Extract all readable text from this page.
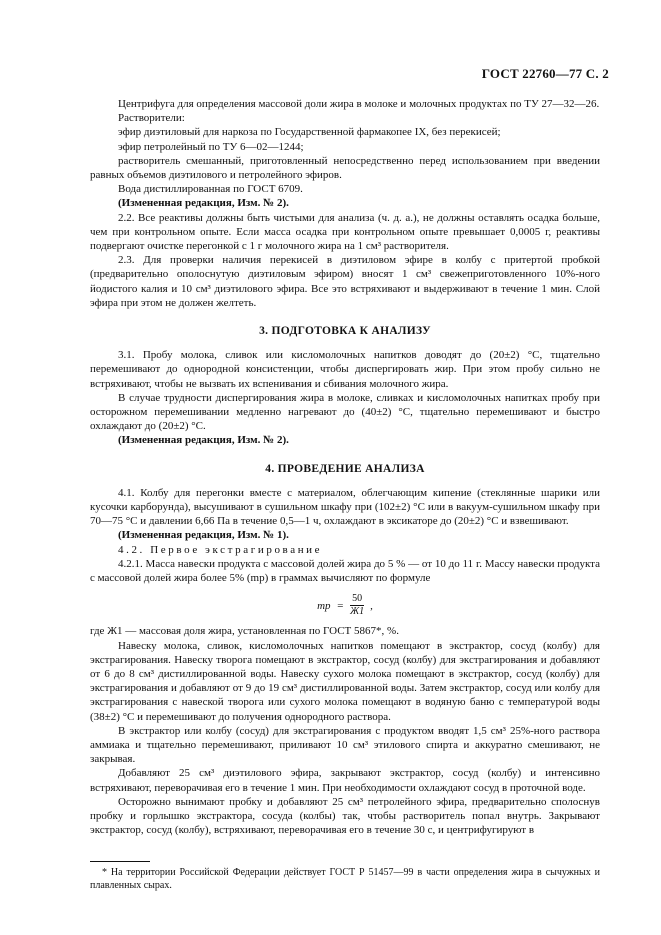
ГОСТ 22760—77 С. 2

Центрифуга для определения массовой доли жира в молоке и молочных продуктах по ТУ 27—32—26.

Растворители:

эфир диэтиловый для наркоза по Государственной фармакопее IX, без перекисей;

эфир петролейный по ТУ 6—02—1244;

растворитель смешанный, приготовленный непосредственно перед использованием при введении равных объемов диэтилового и петролейного эфиров.

Вода дистиллированная по ГОСТ 6709.

(Измененная редакция, Изм. № 2).

2.2. Все реактивы должны быть чистыми для анализа (ч. д. а.), не должны оставлять осадка больше, чем при контрольном опыте. Если масса осадка при контрольном опыте превышает 0,0005 г, реактивы подвергают очистке перегонкой с 1 г молочного жира на 1 см³ растворителя.

2.3. Для проверки наличия перекисей в диэтиловом эфире в колбу с притертой пробкой (предварительно ополоснутую диэтиловым эфиром) вносят 1 см³ свежеприготовленного 10%-ного йодистого калия и 10 см³ диэтилового эфира. Все это встряхивают и выдерживают в течение 1 мин. Слой эфира при этом не должен желтеть.

3. ПОДГОТОВКА К АНАЛИЗУ

3.1. Пробу молока, сливок или кисломолочных напитков доводят до (20±2) °С, тщательно перемешивают до однородной консистенции, чтобы диспергировать жир. При этом пробу сильно не встряхивают, чтобы не вызвать их вспенивания и сбивания молочного жира.

В случае трудности диспергирования жира в молоке, сливках и кисломолочных напитках пробу при осторожном перемешивании медленно нагревают до (40±2) °С, тщательно перемешивают и быстро охлаждают до (20±2) °С.

(Измененная редакция, Изм. № 2).

4. ПРОВЕДЕНИЕ АНАЛИЗА

4.1. Колбу для перегонки вместе с материалом, облегчающим кипение (стеклянные шарики или кусочки карборунда), высушивают в сушильном шкафу при (102±2) °С или в вакуум-сушильном шкафу при 70—75 °С и давлении 6,66 Па в течение 0,5—1 ч, охлаждают в эксикаторе до (20±2) °С и взвешивают.

(Измененная редакция, Изм. № 1).

4.2. Первое экстрагирование

4.2.1. Масса навески продукта с массовой долей жира до 5 % — от 10 до 11 г. Массу навески продукта с массовой долей жира более 5% (mр) в граммах вычисляют по формуле

mр = $\frac{50}{Ж1}$ ,

где Ж1 — массовая доля жира, установленная по ГОСТ 5867*, %.

Навеску молока, сливок, кисломолочных напитков помещают в экстрактор, сосуд (колбу) для экстрагирования. Навеску творога помещают в экстрактор, сосуд (колбу) для экстрагирования и добавляют от 6 до 8 см³ дистиллированной воды. Навеску сухого молока помещают в экстрактор, сосуд (колбу) для экстрагирования и добавляют от 9 до 19 см³ дистиллированной воды. Затем экстрактор, сосуд или колбу для экстрагирования с навеской творога или сухого молока помещают в водяную баню с температурой воды (38±2) °С и перемешивают до получения однородного раствора.

В экстрактор или колбу (сосуд) для экстрагирования с продуктом вводят 1,5 см³ 25%-ного раствора аммиака и тщательно перемешивают, приливают 10 см³ этилового спирта и аккуратно смешивают, не закрывая.

Добавляют 25 см³ диэтилового эфира, закрывают экстрактор, сосуд (колбу) и интенсивно встряхивают, переворачивая его в течение 1 мин. При необходимости охлаждают сосуд в проточной воде.

Осторожно вынимают пробку и добавляют 25 см³ петролейного эфира, предварительно сполоснув пробку и горлышко экстрактора, сосуда (колбы) так, чтобы растворитель попал внутрь. Закрывают экстрактор, сосуд (колбу), встряхивают, переворачивая его в течение 30 с, и центрифугируют в

* На территории Российской Федерации действует ГОСТ Р 51457—99 в части определения жира в сычужных и плавленных сырах.
